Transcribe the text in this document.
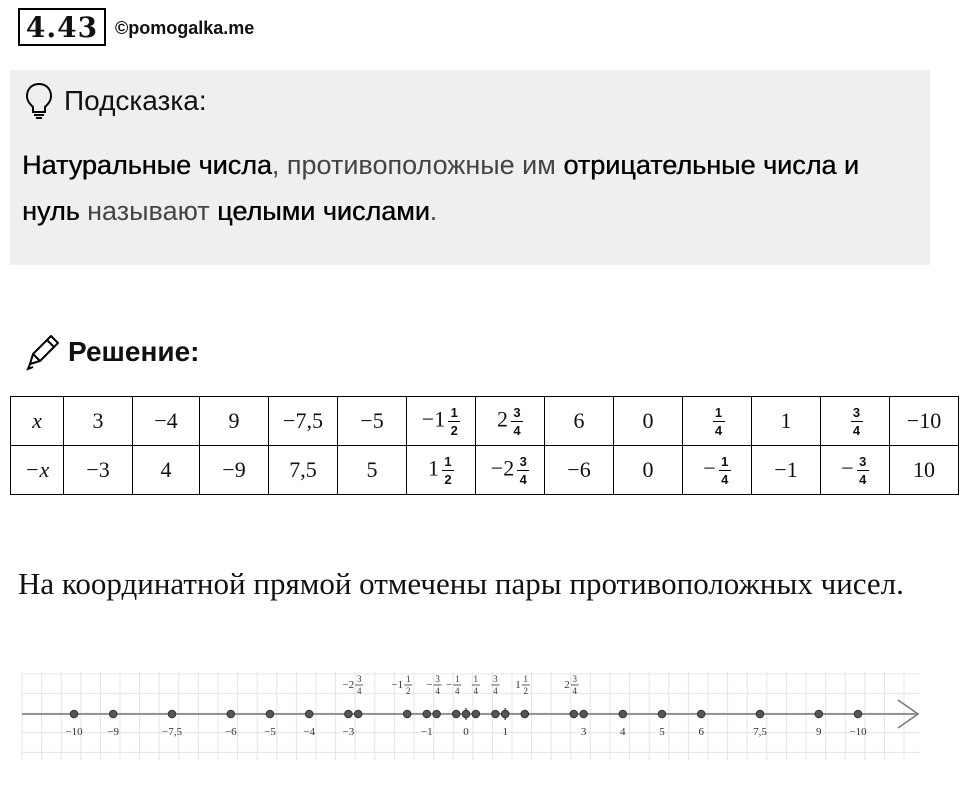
4.43 ©pomogalka.me
Подсказка:
Натуральные числа, противоположные им отрицательные числа и нуль называют целыми числами.
Решение:
x	3	−4	9	−7,5	−5	$-1 \frac{1}{2}$	$2 \frac{3}{4}$	6	0	$\frac{1}{4}$	1	$\frac{3}{4}$	−10
−x	−3	4	−9	7,5	5	$1 \frac{1}{2}$	$-2 \frac{3}{4}$	−6	0	− $\frac{1}{4}$	−1	− $\frac{3}{4}$	10
На координатной прямой отмечены пары противоположных чисел.
−10 −9	−7,5	−6 −5 −4 −3	−1	0	1	3	4	5	6	7,5	9	−10
−2 3
4	−1 1
2 − 3
4 − 1
4
1
4
3
4 1 1
2	2 3
4
